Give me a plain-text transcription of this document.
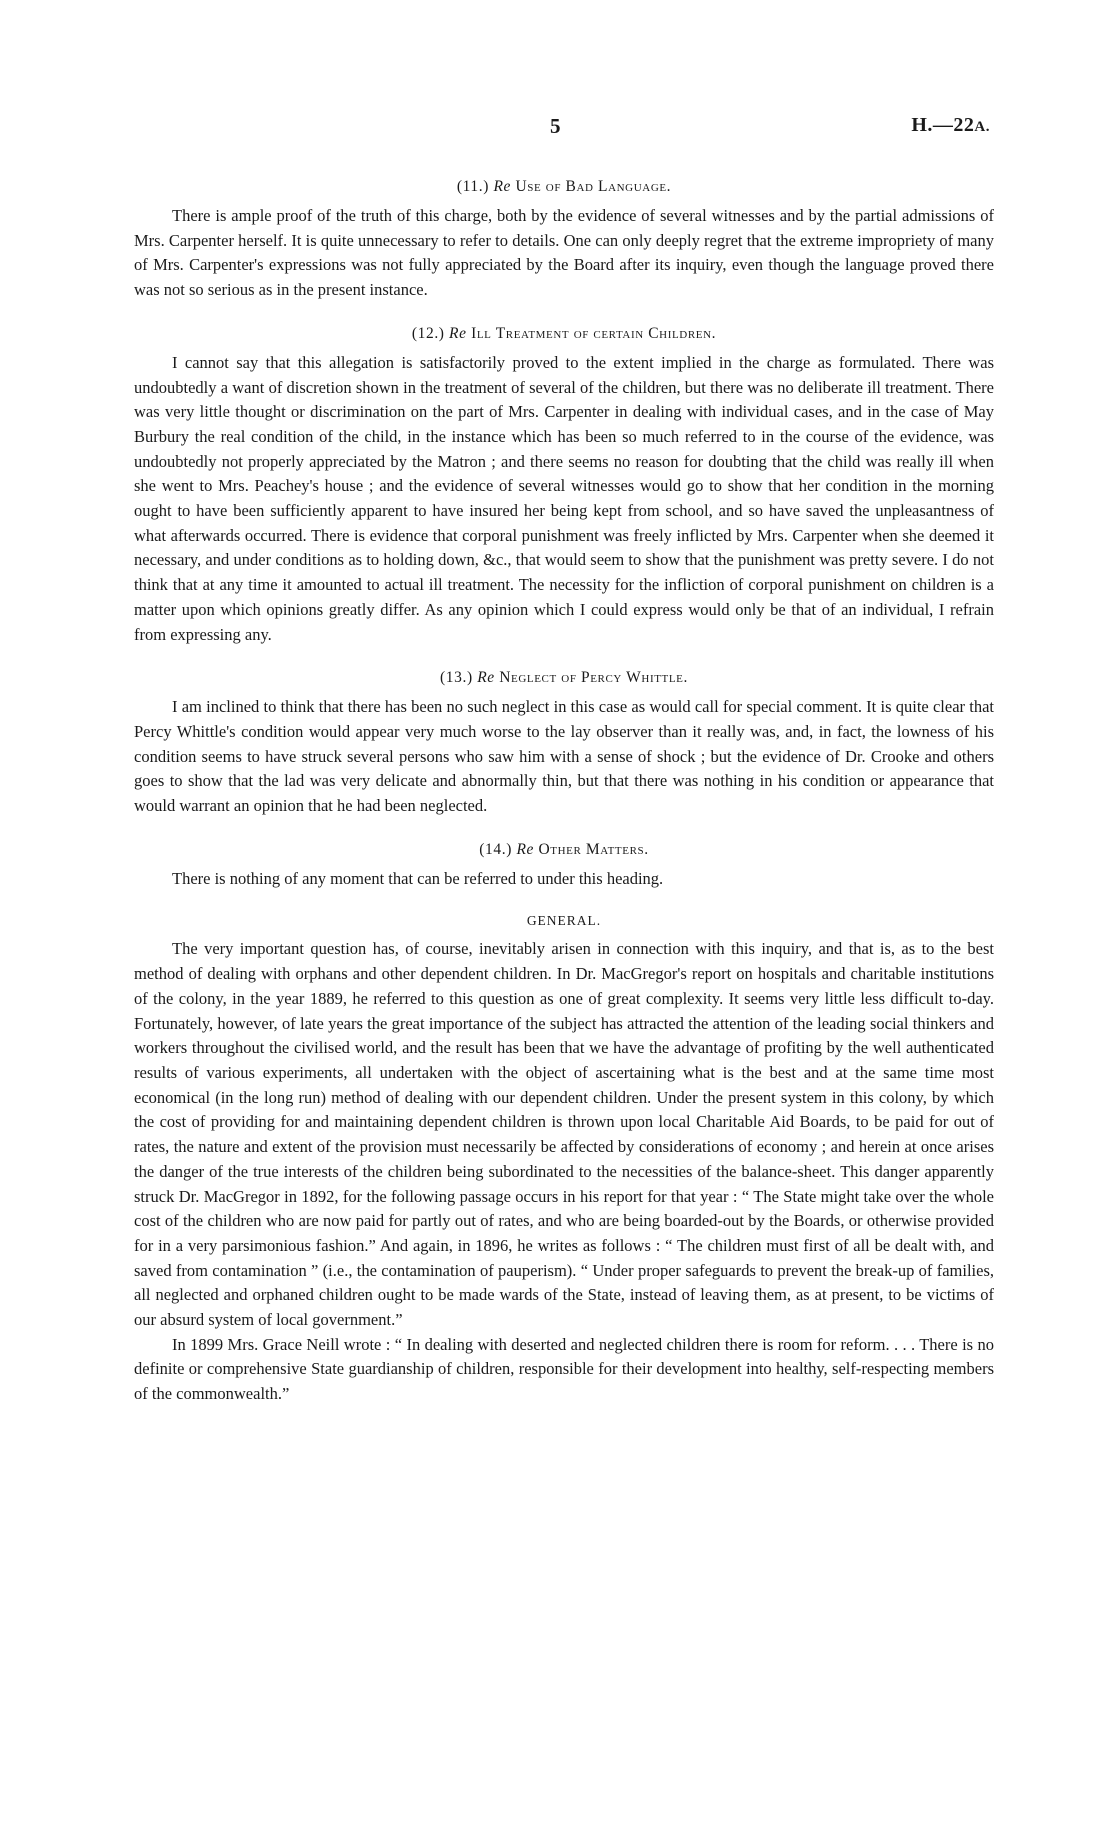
5	H.—22A.
(11.) Re Use of Bad Language.

There is ample proof of the truth of this charge, both by the evidence of several witnesses and by the partial admissions of Mrs. Carpenter herself. It is quite unnecessary to refer to details. One can only deeply regret that the extreme impropriety of many of Mrs. Carpenter's expressions was not fully appreciated by the Board after its inquiry, even though the language proved there was not so serious as in the present instance.

(12.) Re Ill Treatment of certain Children.

I cannot say that this allegation is satisfactorily proved to the extent implied in the charge as formulated. There was undoubtedly a want of discretion shown in the treatment of several of the children, but there was no deliberate ill treatment. There was very little thought or discrimination on the part of Mrs. Carpenter in dealing with individual cases, and in the case of May Burbury the real condition of the child, in the instance which has been so much referred to in the course of the evidence, was undoubtedly not properly appreciated by the Matron ; and there seems no reason for doubting that the child was really ill when she went to Mrs. Peachey's house ; and the evidence of several witnesses would go to show that her condition in the morning ought to have been sufficiently apparent to have insured her being kept from school, and so have saved the unpleasantness of what afterwards occurred. There is evidence that corporal punishment was freely inflicted by Mrs. Carpenter when she deemed it necessary, and under conditions as to holding down, &c., that would seem to show that the punishment was pretty severe. I do not think that at any time it amounted to actual ill treatment. The necessity for the infliction of corporal punishment on children is a matter upon which opinions greatly differ. As any opinion which I could express would only be that of an individual, I refrain from expressing any.

(13.) Re Neglect of Percy Whittle.

I am inclined to think that there has been no such neglect in this case as would call for special comment. It is quite clear that Percy Whittle's condition would appear very much worse to the lay observer than it really was, and, in fact, the lowness of his condition seems to have struck several persons who saw him with a sense of shock ; but the evidence of Dr. Crooke and others goes to show that the lad was very delicate and abnormally thin, but that there was nothing in his condition or appearance that would warrant an opinion that he had been neglected.

(14.) Re Other Matters.

There is nothing of any moment that can be referred to under this heading.

GENERAL.

The very important question has, of course, inevitably arisen in connection with this inquiry, and that is, as to the best method of dealing with orphans and other dependent children. In Dr. MacGregor's report on hospitals and charitable institutions of the colony, in the year 1889, he referred to this question as one of great complexity. It seems very little less difficult to-day. Fortunately, however, of late years the great importance of the subject has attracted the attention of the leading social thinkers and workers throughout the civilised world, and the result has been that we have the advantage of profiting by the well authenticated results of various experiments, all undertaken with the object of ascertaining what is the best and at the same time most economical (in the long run) method of dealing with our dependent children. Under the present system in this colony, by which the cost of providing for and maintaining dependent children is thrown upon local Charitable Aid Boards, to be paid for out of rates, the nature and extent of the provision must necessarily be affected by considerations of economy ; and herein at once arises the danger of the true interests of the children being subordinated to the necessities of the balance-sheet. This danger apparently struck Dr. MacGregor in 1892, for the following passage occurs in his report for that year : “ The State might take over the whole cost of the children who are now paid for partly out of rates, and who are being boarded-out by the Boards, or otherwise provided for in a very parsimonious fashion.” And again, in 1896, he writes as follows : “ The children must first of all be dealt with, and saved from contamination ” (i.e., the contamination of pauperism). “ Under proper safeguards to prevent the break-up of families, all neglected and orphaned children ought to be made wards of the State, instead of leaving them, as at present, to be victims of our absurd system of local government.”

In 1899 Mrs. Grace Neill wrote : “ In dealing with deserted and neglected children there is room for reform. . . . There is no definite or comprehensive State guardianship of children, responsible for their development into healthy, self-respecting members of the commonwealth.”
